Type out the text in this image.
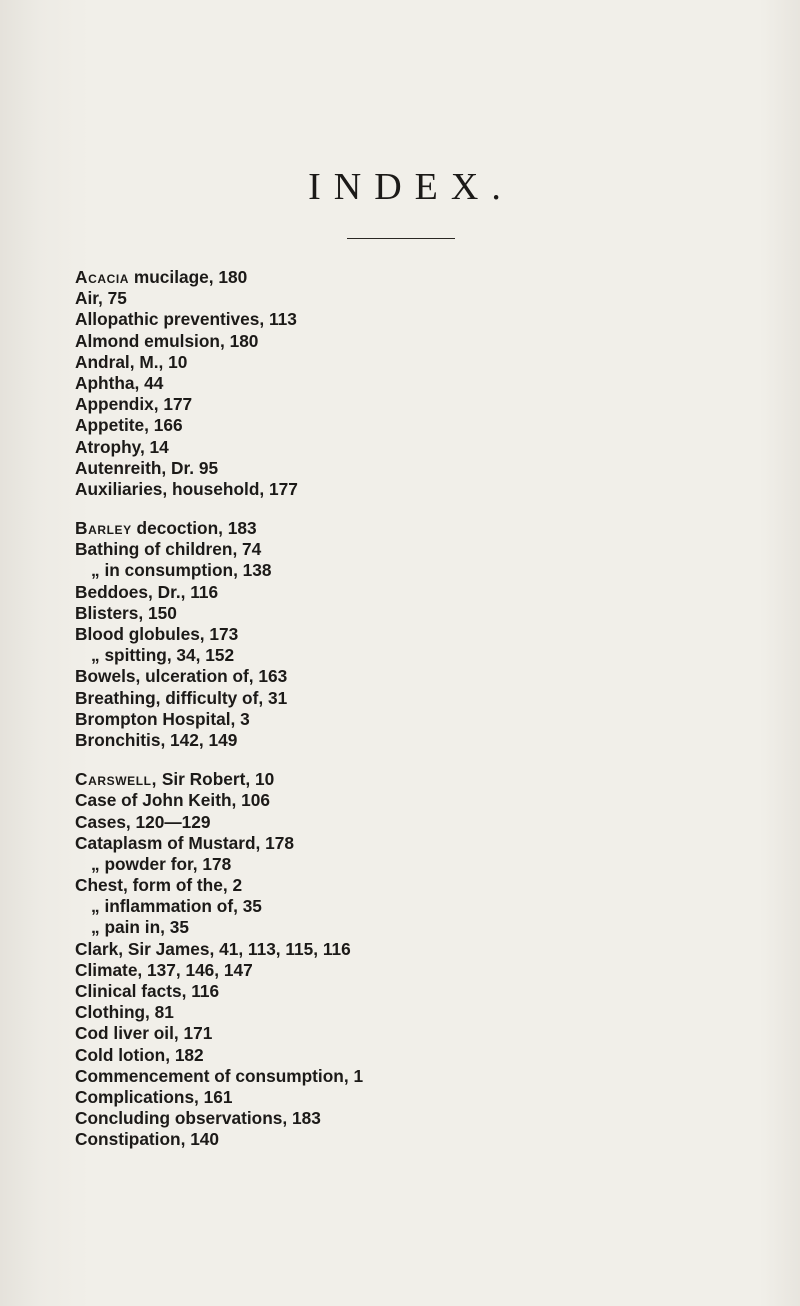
INDEX.
Acacia mucilage, 180
Air, 75
Allopathic preventives, 113
Almond emulsion, 180
Andral, M., 10
Aphtha, 44
Appendix, 177
Appetite, 166
Atrophy, 14
Autenreith, Dr. 95
Auxiliaries, household, 177
Barley decoction, 183
Bathing of children, 74
„ in consumption, 138
Beddoes, Dr., 116
Blisters, 150
Blood globules, 173
„ spitting, 34, 152
Bowels, ulceration of, 163
Breathing, difficulty of, 31
Brompton Hospital, 3
Bronchitis, 142, 149
Carswell, Sir Robert, 10
Case of John Keith, 106
Cases, 120—129
Cataplasm of Mustard, 178
„ powder for, 178
Chest, form of the, 2
„ inflammation of, 35
„ pain in, 35
Clark, Sir James, 41, 113, 115, 116
Climate, 137, 146, 147
Clinical facts, 116
Clothing, 81
Cod liver oil, 171
Cold lotion, 182
Commencement of consumption, 1
Complications, 161
Concluding observations, 183
Constipation, 140
